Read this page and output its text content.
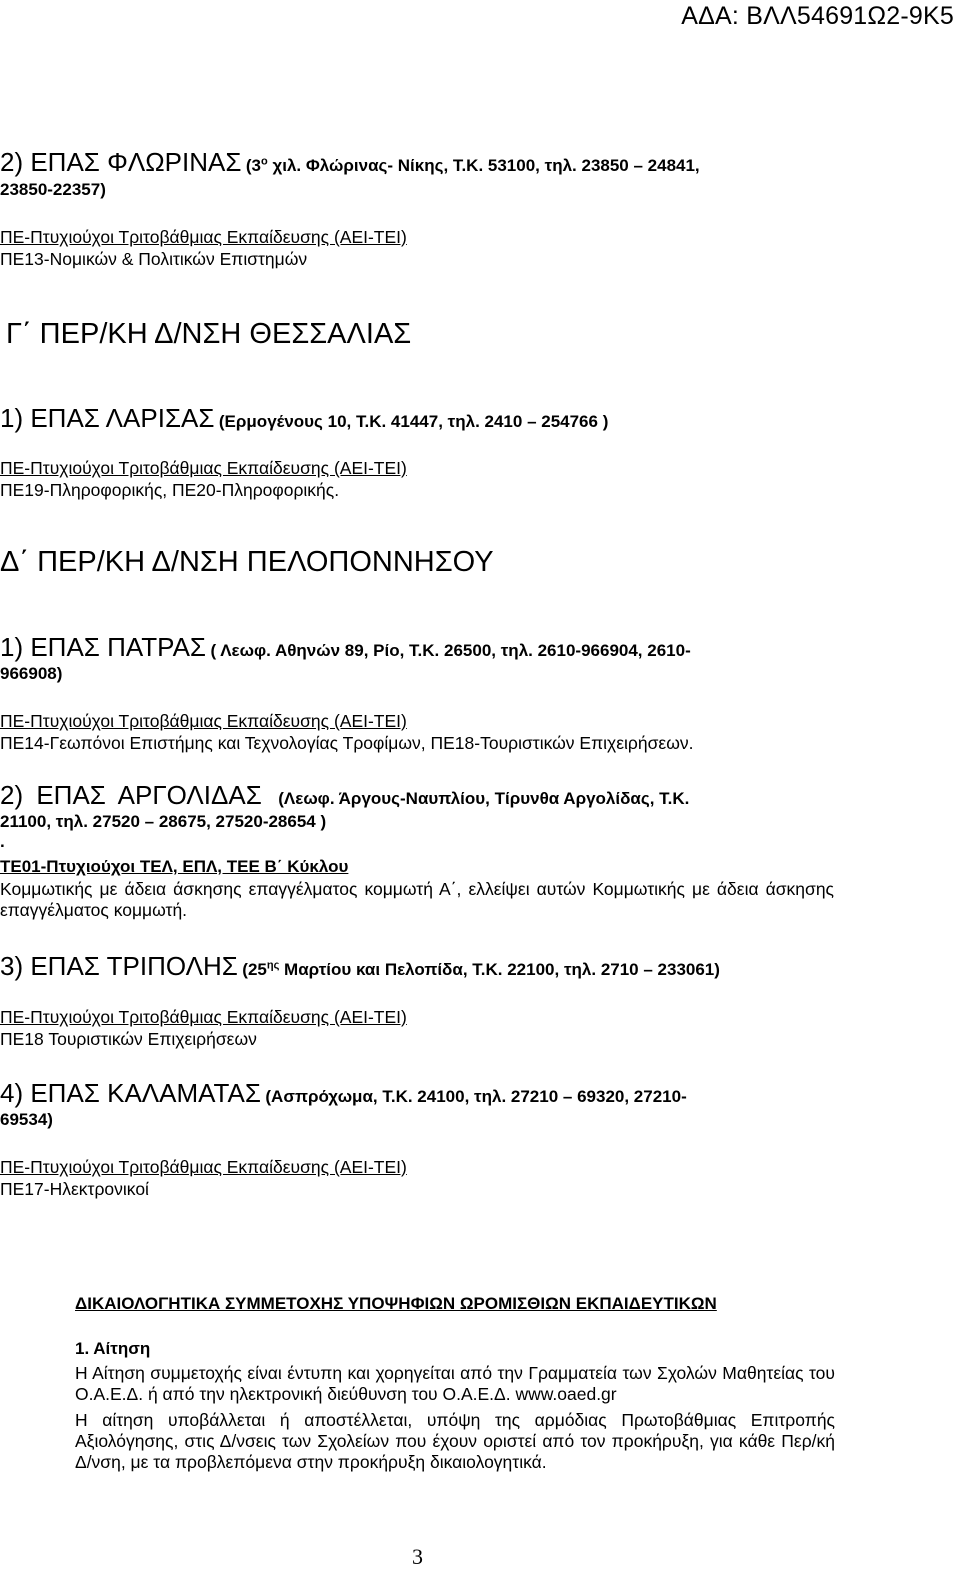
ΑΔΑ: ΒΛΛ54691Ω2-9Κ5
2) ΕΠΑΣ ΦΛΩΡΙΝΑΣ ($3^o$ χιλ. Φλώρινας- Νίκης, Τ.Κ. 53100, τηλ. 23850 – 24841,
23850-22357)
ΠΕ-Πτυχιούχοι Τριτοβάθμιας Εκπαίδευσης (ΑΕΙ-ΤΕΙ)
ΠΕ13-Νομικών & Πολιτικών Επιστημών
Γ΄ ΠΕΡ/ΚΗ Δ/ΝΣΗ ΘΕΣΣΑΛΙΑΣ
1) ΕΠΑΣ ΛΑΡΙΣΑΣ (Ερμογένους 10, Τ.Κ. 41447, τηλ. 2410 – 254766 )
ΠΕ-Πτυχιούχοι Τριτοβάθμιας Εκπαίδευσης (ΑΕΙ-ΤΕΙ)
ΠΕ19-Πληροφορικής, ΠΕ20-Πληροφορικής.
Δ΄ ΠΕΡ/ΚΗ Δ/ΝΣΗ ΠΕΛΟΠΟΝΝΗΣΟΥ
1) ΕΠΑΣ ΠΑΤΡΑΣ ( Λεωφ. Αθηνών 89, Ρίο, Τ.Κ. 26500, τηλ. 2610-966904, 2610-
966908)
ΠΕ-Πτυχιούχοι Τριτοβάθμιας Εκπαίδευσης (ΑΕΙ-ΤΕΙ)
ΠΕ14-Γεωπόνοι Επιστήμης και Τεχνολογίας Τροφίμων, ΠΕ18-Τουριστικών Επιχειρήσεων.
2) ΕΠΑΣ ΑΡΓΟΛΙΔΑΣ (Λεωφ. Άργους-Ναυπλίου, Τίρυνθα Αργολίδας, Τ.Κ.
21100, τηλ. 27520 – 28675, 27520-28654 )
.
ΤΕ01-Πτυχιούχοι ΤΕΛ, ΕΠΛ, ΤΕΕ Β΄ Κύκλου
Κομμωτικής με άδεια άσκησης επαγγέλματος κομμωτή Α΄, ελλείψει αυτών Κομμωτικής με άδεια άσκησης επαγγέλματος κομμωτή.
3) ΕΠΑΣ ΤΡΙΠΟΛΗΣ ($25^{\eta\varsigma}$ Μαρτίου και Πελοπίδα, Τ.Κ. 22100, τηλ. 2710 – 233061)
ΠΕ-Πτυχιούχοι Τριτοβάθμιας Εκπαίδευσης (ΑΕΙ-ΤΕΙ)
ΠΕ18 Τουριστικών Επιχειρήσεων
4) ΕΠΑΣ ΚΑΛΑΜΑΤΑΣ (Ασπρόχωμα, Τ.Κ. 24100, τηλ. 27210 – 69320, 27210-
69534)
ΠΕ-Πτυχιούχοι Τριτοβάθμιας Εκπαίδευσης (ΑΕΙ-ΤΕΙ)
ΠΕ17-Ηλεκτρονικοί
ΔΙΚΑΙΟΛΟΓΗΤΙΚΑ ΣΥΜΜΕΤΟΧΗΣ ΥΠΟΨΗΦΙΩΝ ΩΡΟΜΙΣΘΙΩΝ ΕΚΠΑΙΔΕΥΤΙΚΩΝ
1. Αίτηση
Η Αίτηση συμμετοχής είναι έντυπη και χορηγείται από την Γραμματεία των Σχολών Μαθητείας του Ο.Α.Ε.Δ. ή από την ηλεκτρονική διεύθυνση του Ο.Α.Ε.Δ. www.oaed.gr
Η αίτηση υποβάλλεται ή αποστέλλεται, υπόψη της αρμόδιας Πρωτοβάθμιας Επιτροπής Αξιολόγησης, στις Δ/νσεις των Σχολείων που έχουν οριστεί από τον προκήρυξη, για κάθε Περ/κή Δ/νση, με τα προβλεπόμενα στην προκήρυξη δικαιολογητικά.
3
